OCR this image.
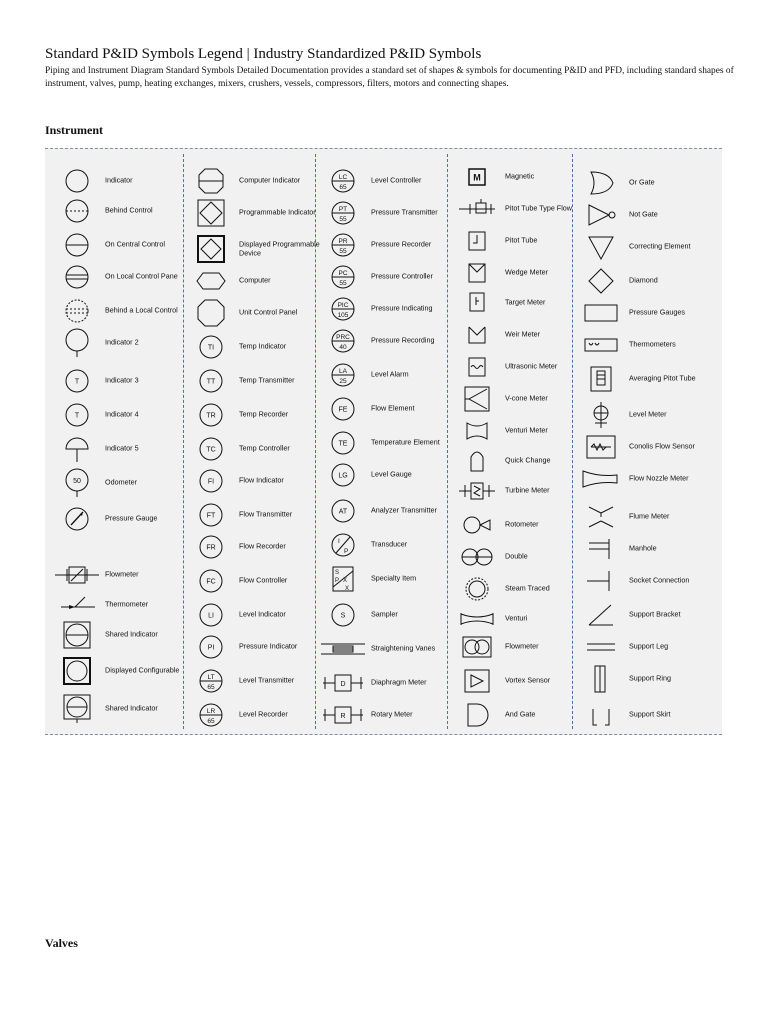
Standard P&ID Symbols Legend | Industry Standardized P&ID Symbols

Piping and Instrument Diagram Standard Symbols Detailed Documentation provides a standard set of shapes & symbols for documenting P&ID and PFD, including standard shapes of instrument, valves, pump, heating exchanges, mixers, crushers, vessels, compressors, filters, motors and connecting shapes.

Instrument
Indicator
Behind Control
On Central Control
On Local Control Pane
Behind a Local Control
Indicator 2
T	Indicator 3
T	Indicator 4
Indicator 5
50	Odometer
Pressure Gauge
Flowmeter
Thermometer
Shared Indicator
Displayed Configurable
Shared Indicator
Computer Indicator
Programmable Indicator
Displayed Programmable Device
Computer
Unit Control Panel
TI	Temp Indicator
TT	Temp Transmitter
TR	Temp Recorder
TC	Temp Controller
FI	Flow Indicator
FT	Flow Transmitter
FR	Flow Recorder
FC	Flow Controller
LI	Level Indicator
PI	Pressure Indicator
LT
65
Level Transmitter
LR
65
Level Recorder
LC
65
Level Controller
PT
55
Pressure Transmitter
PR
55
Pressure Recorder
PC
55
Pressure Controller
PIC
105
Pressure Indicating
PRC
40
Pressure Recording
LA
25
Level Alarm
FE	Flow Element
TE	Temperature Element
LG	Level Gauge
AT	Analyzer Transmitter
I
P
Transducer
S
P X
X
Specialty Item
S	Sampler
Straightening Vanes
D	Diaphragm Meter
R	Rotary Meter
M	Magnetic
Pitot Tube Type Flow
Pitot Tube
Wedge Meter
Target Meter
Weir Meter
Ultrasonic Meter
V-cone Meter
Venturi Meter
Quick Change
Turbine Meter
Rotometer
Double
Steam Traced
Venturi
Flowmeter
Vortex Sensor
And Gate
Or Gate
Not Gate
Correcting Element
Diamond
Pressure Gauges
Thermometers
Averaging Pitot Tube
Level Meter
Conolis Flow Sensor
Flow Nozzle Meter
Flume Meter
Manhole
Socket Connection
Support Bracket
Support Leg
Support Ring
Support Skirt
Valves
